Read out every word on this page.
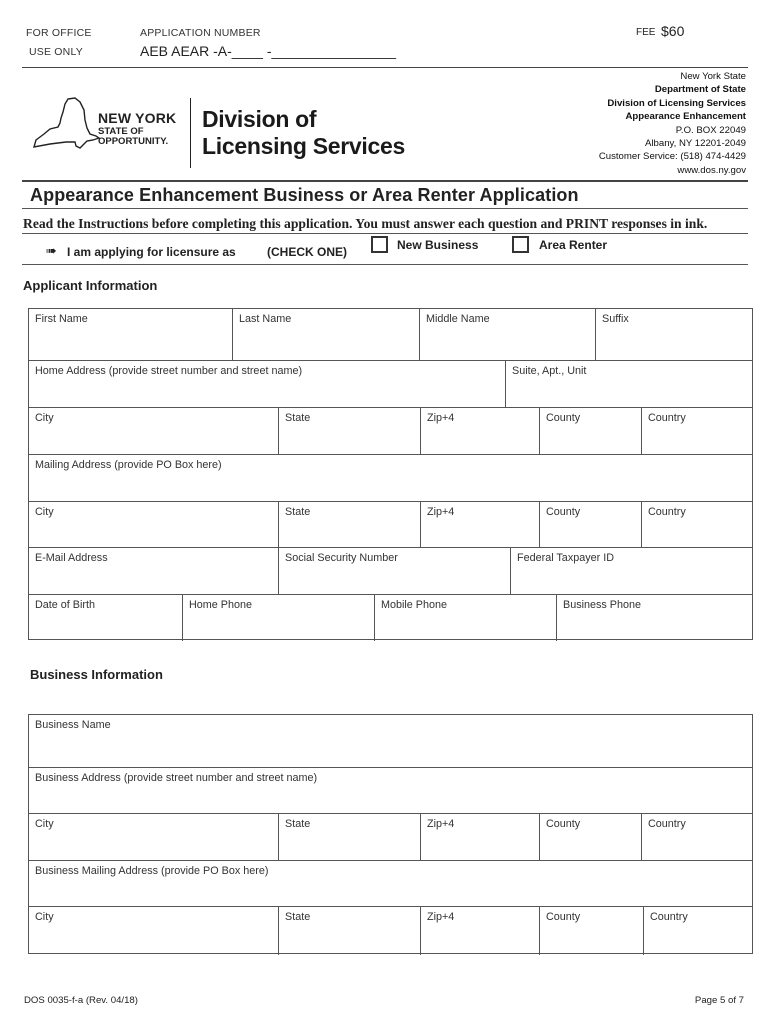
FOR OFFICE
USE ONLY
APPLICATION NUMBER
AEB AEAR -A-____ -________________
FEE $60
NEW YORK
STATE OF
OPPORTUNITY.
Division of
Licensing Services
New York State
Department of State
Division of Licensing Services
Appearance Enhancement
P.O. BOX 22049
Albany, NY 12201-2049
Customer Service: (518) 474-4429
www.dos.ny.gov
Appearance Enhancement Business or Area Renter Application
Read the Instructions before completing this application. You must answer each question and PRINT responses in ink.
➠ I am applying for licensure as	(CHECK ONE)	New Business	Area Renter
Applicant Information
First Name	Last Name	Middle Name	Suffix
Home Address (provide street number and street name)	Suite, Apt., Unit
City	State	Zip+4	County	Country
Mailing Address (provide PO Box here)
City	State	Zip+4	County	Country
E-Mail Address	Social Security Number	Federal Taxpayer ID
Date of Birth	Home Phone	Mobile Phone	Business Phone
Business Information
Business Name
Business Address (provide street number and street name)
City	State	Zip+4	County	Country
Business Mailing Address (provide PO Box here)
City	State	Zip+4	County	Country
DOS 0035-f-a (Rev. 04/18)	Page 5 of 7
